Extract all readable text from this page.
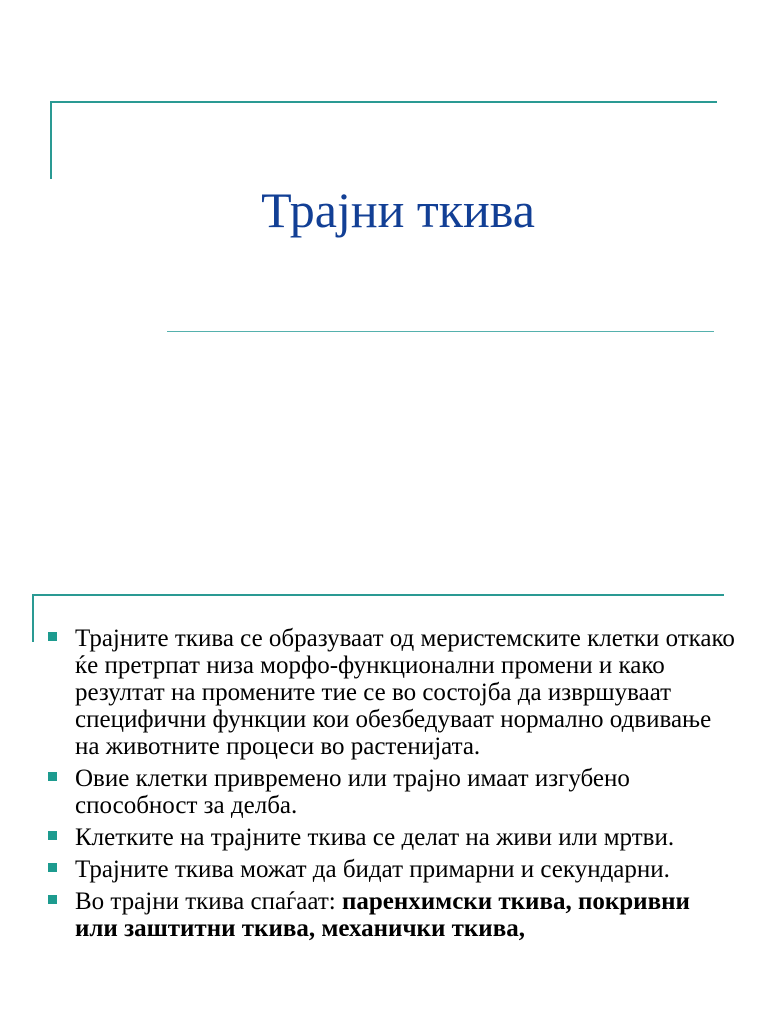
Трајни ткива
Трајните ткива се образуваат од меристемските клетки откако ќе претрпат низа морфо-функционални промени и како резултат на промените тие се во состојба да извршуваат специфични функции кои обезбедуваат нормално одвивање на животните процеси во растенијата.
Овие клетки привремено или трајно имаат изгубено способност за делба.
Клетките на трајните ткива се делат на живи или мртви.
Трајните ткива можат да бидат примарни и секундарни.
Во трајни ткива спаѓаат: паренхимски ткива, покривни или заштитни ткива, механички ткива,
